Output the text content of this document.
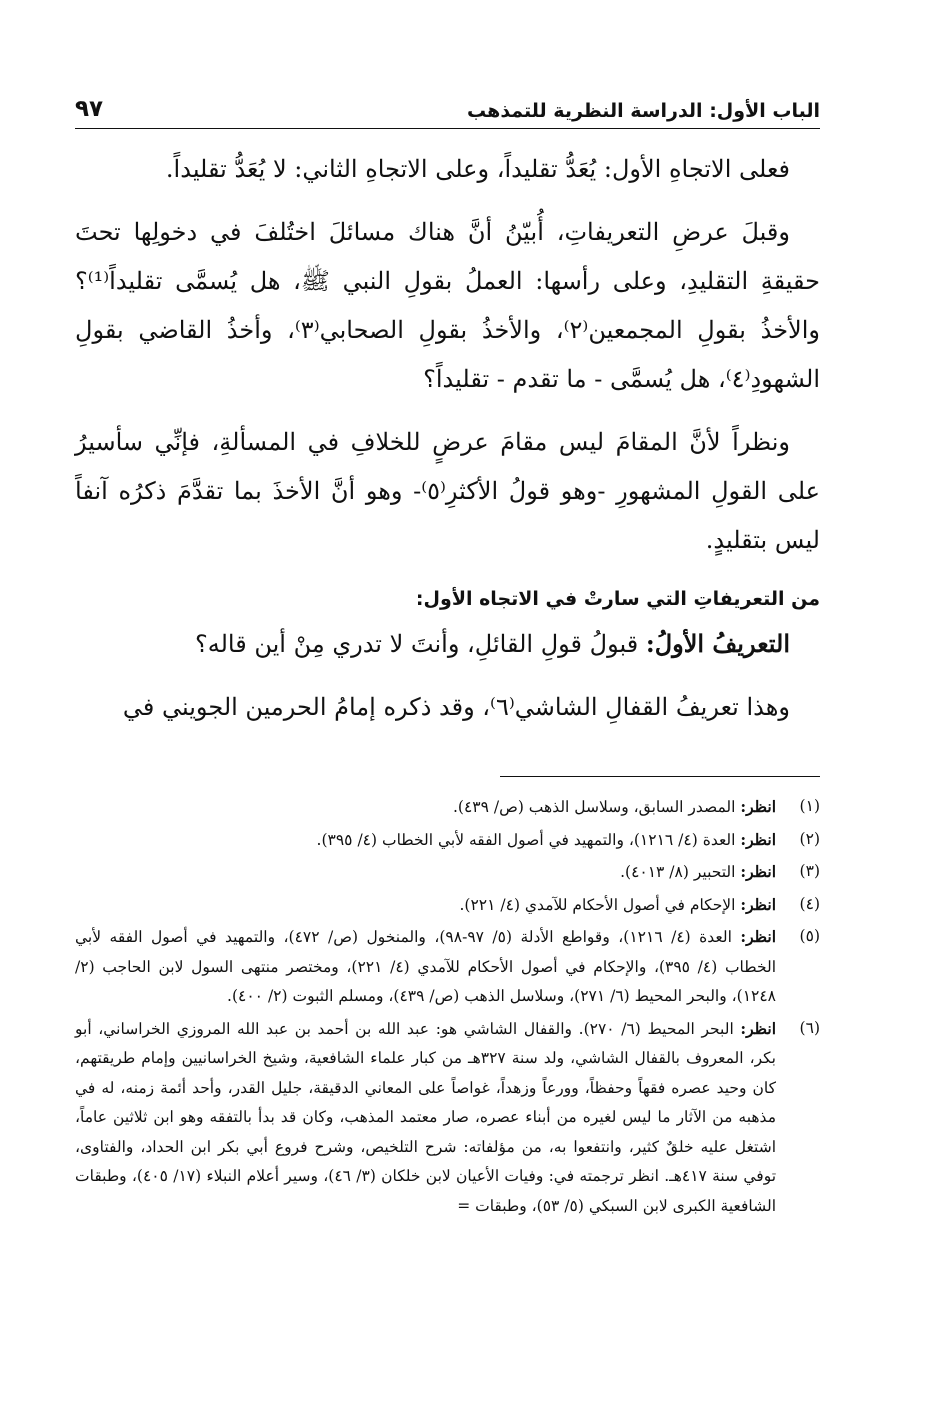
الباب الأول: الدراسة النظرية للتمذهب
٩٧

فعلى الاتجاهِ الأول: يُعَدُّ تقليداً، وعلى الاتجاهِ الثاني: لا يُعَدُّ تقليداً.

وقبلَ عرضِ التعريفاتِ، أُبيّنُ أنَّ هناك مسائلَ اختُلفَ في دخولِها تحتَ حقيقةِ التقليدِ، وعلى رأسها: العملُ بقولِ النبي ﷺ، هل يُسمَّى تقليداً⁽¹⁾؟ والأخذُ بقولِ المجمعين⁽٢⁾، والأخذُ بقولِ الصحابي⁽٣⁾، وأخذُ القاضي بقولِ الشهودِ⁽٤⁾، هل يُسمَّى - ما تقدم - تقليداً؟

ونظراً لأنَّ المقامَ ليس مقامَ عرضٍ للخلافِ في المسألةِ، فإنِّي سأسيرُ على القولِ المشهورِ -وهو قولُ الأكثرِ⁽٥⁾- وهو أنَّ الأخذَ بما تقدَّمَ ذكرُه آنفاً ليس بتقليدٍ.

من التعريفاتِ التي سارتْ في الاتجاه الأول:

التعريفُ الأولُ: قبولُ قولِ القائلِ، وأنتَ لا تدري مِنْ أين قاله؟

وهذا تعريفُ القفالِ الشاشي⁽٦⁾، وقد ذكره إمامُ الحرمين الجويني في

(١)
انظر: المصدر السابق، وسلاسل الذهب (ص/ ٤٣٩).
(٢)
انظر: العدة (٤/ ١٢١٦)، والتمهيد في أصول الفقه لأبي الخطاب (٤/ ٣٩٥).
(٣)
انظر: التحبير (٨/ ٤٠١٣).
(٤)
انظر: الإحكام في أصول الأحكام للآمدي (٤/ ٢٢١).
(٥)
انظر: العدة (٤/ ١٢١٦)، وقواطع الأدلة (٥/ ٩٧-٩٨)، والمنخول (ص/ ٤٧٢)، والتمهيد في أصول الفقه لأبي الخطاب (٤/ ٣٩٥)، والإحكام في أصول الأحكام للآمدي (٤/ ٢٢١)، ومختصر منتهى السول لابن الحاجب (٢/ ١٢٤٨)، والبحر المحيط (٦/ ٢٧١)، وسلاسل الذهب (ص/ ٤٣٩)، ومسلم الثبوت (٢/ ٤٠٠).
(٦)
انظر: البحر المحيط (٦/ ٢٧٠). والقفال الشاشي هو: عبد الله بن أحمد بن عبد الله المروزي الخراساني، أبو بكر، المعروف بالقفال الشاشي، ولد سنة ٣٢٧هـ من كبار علماء الشافعية، وشيخ الخراسانيين وإمام طريقتهم، كان وحيد عصره فقهاً وحفظاً، وورعاً وزهداً، غواصاً على المعاني الدقيقة، جليل القدر، وأحد أئمة زمنه، له في مذهبه من الآثار ما ليس لغيره من أبناء عصره، صار معتمد المذهب، وكان قد بدأ بالتفقه وهو ابن ثلاثين عاماً، اشتغل عليه خلقٌ كثير، وانتفعوا به، من مؤلفاته: شرح التلخيص، وشرح فروع أبي بكر ابن الحداد، والفتاوى، توفي سنة ٤١٧هـ. انظر ترجمته في: وفيات الأعيان لابن خلكان (٣/ ٤٦)، وسير أعلام النبلاء (١٧/ ٤٠٥)، وطبقات الشافعية الكبرى لابن السبكي (٥/ ٥٣)، وطبقات =
